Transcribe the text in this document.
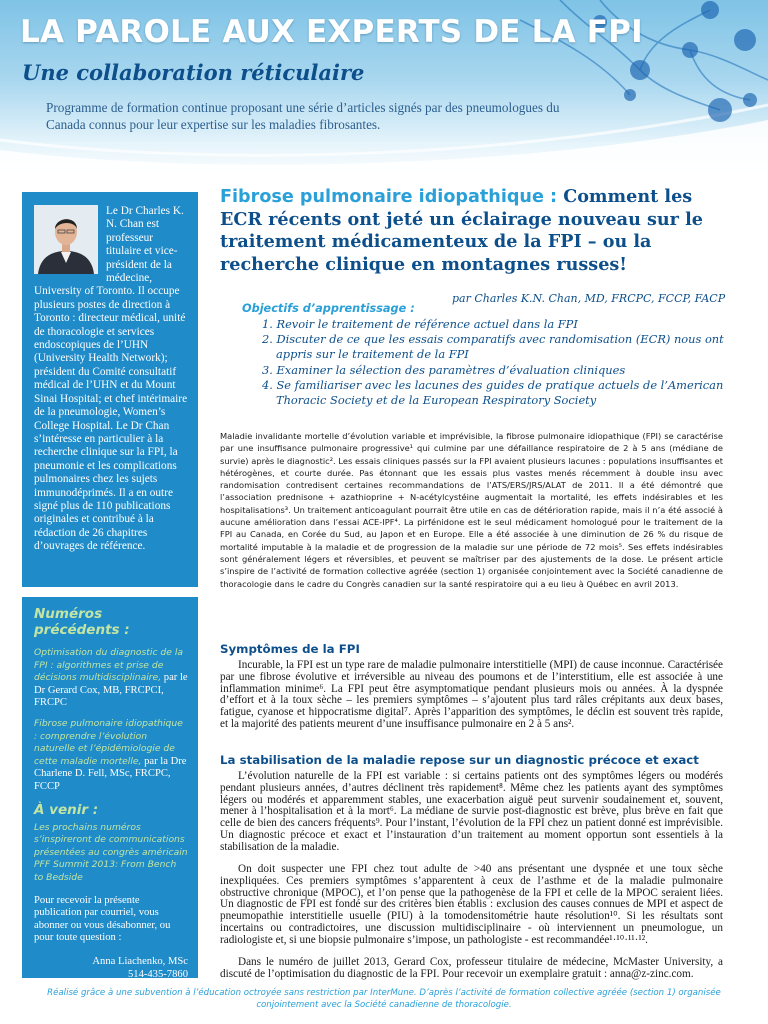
LA PAROLE AUX EXPERTS DE LA FPI
Une collaboration réticulaire

Programme de formation continue proposant une série d’articles signés par des pneumologues du Canada connus pour leur expertise sur les maladies fibrosantes.

Le Dr Charles K. N. Chan est professeur titulaire et vice-président de la médecine, University of Toronto. Il occupe plusieurs postes de direction à Toronto : directeur médical, unité de thoracologie et services endoscopiques de l’UHN (University Health Network); président du Comité consultatif médical de l’UHN et du Mount Sinai Hospital; et chef intérimaire de la pneumologie, Women’s College Hospital. Le Dr Chan s’intéresse en particulier à la recherche clinique sur la FPI, la pneumonie et les complications pulmonaires chez les sujets immunodéprimés. Il a en outre signé plus de 110 publications originales et contribué à la rédaction de 26 chapitres d’ouvrages de référence.

Numéros précédents :

Optimisation du diagnostic de la FPI : algorithmes et prise de décisions multidisciplinaire, par le Dr Gerard Cox, MB, FRCPCI, FRCPC

Fibrose pulmonaire idiopathique : comprendre l’évolution naturelle et l’épidémiologie de cette maladie mortelle, par la Dre Charlene D. Fell, MSc, FRCPC, FCCP

À venir :

Les prochains numéros s’inspireront de communications présentées au congrès américain PFF Summit 2013: From Bench to Bedside

Pour recevoir la présente publication par courriel, vous abonner ou vous désabonner, ou pour toute question :

Anna Liachenko, MSc
514-435-7860
Fibrose pulmonaire idiopathique : Comment les ECR récents ont jeté un éclairage nouveau sur le traitement médicamenteux de la FPI – ou la recherche clinique en montagnes russes!

par Charles K.N. Chan, MD, FRCPC, FCCP, FACP

Objectifs d’apprentissage :

1. Revoir le traitement de référence actuel dans la FPI
2. Discuter de ce que les essais comparatifs avec randomisation (ECR) nous ont appris sur le traitement de la FPI
3. Examiner la sélection des paramètres d’évaluation cliniques
4. Se familiariser avec les lacunes des guides de pratique actuels de l’American Thoracic Society et de la European Respiratory Society

Maladie invalidante mortelle d’évolution variable et imprévisible, la fibrose pulmonaire idiopathique (FPI) se caractérise par une insuffisance pulmonaire progressive¹ qui culmine par une défaillance respiratoire de 2 à 5 ans (médiane de survie) après le diagnostic². Les essais cliniques passés sur la FPI avaient plusieurs lacunes : populations insuffisantes et hétérogènes, et courte durée. Pas étonnant que les essais plus vastes menés récemment à double insu avec randomisation contredisent certaines recommandations de l’ATS/ERS/JRS/ALAT de 2011. Il a été démontré que l’association prednisone + azathioprine + N-acétylcystéine augmentait la mortalité, les effets indésirables et les hospitalisations³. Un traitement anticoagulant pourrait être utile en cas de détérioration rapide, mais il n’a été associé à aucune amélioration dans l’essai ACE-IPF⁴. La pirfénidone est le seul médicament homologué pour le traitement de la FPI au Canada, en Corée du Sud, au Japon et en Europe. Elle a été associée à une diminution de 26 % du risque de mortalité imputable à la maladie et de progression de la maladie sur une période de 72 mois⁵. Ses effets indésirables sont généralement légers et réversibles, et peuvent se maîtriser par des ajustements de la dose. Le présent article s’inspire de l’activité de formation collective agréée (section 1) organisée conjointement avec la Société canadienne de thoracologie dans le cadre du Congrès canadien sur la santé respiratoire qui a eu lieu à Québec en avril 2013.

Symptômes de la FPI

Incurable, la FPI est un type rare de maladie pulmonaire interstitielle (MPI) de cause inconnue. Caractérisée par une fibrose évolutive et irréversible au niveau des poumons et de l’interstitium, elle est associée à une inflammation minime⁶. La FPI peut être asymptomatique pendant plusieurs mois ou années. À la dyspnée d’effort et à la toux sèche – les premiers symptômes – s’ajoutent plus tard râles crépitants aux deux bases, fatigue, cyanose et hippocratisme digital⁷. Après l’apparition des symptômes, le déclin est souvent très rapide, et la majorité des patients meurent d’une insuffisance pulmonaire en 2 à 5 ans².

La stabilisation de la maladie repose sur un diagnostic précoce et exact

L’évolution naturelle de la FPI est variable : si certains patients ont des symptômes légers ou modérés pendant plusieurs années, d’autres déclinent très rapidement⁸. Même chez les patients ayant des symptômes légers ou modérés et apparemment stables, une exacerbation aiguë peut survenir soudainement et, souvent, mener à l’hospitalisation et à la mort⁶. La médiane de survie post-diagnostic est brève, plus brève en fait que celle de bien des cancers fréquents⁹. Pour l’instant, l’évolution de la FPI chez un patient donné est imprévisible. Un diagnostic précoce et exact et l’instauration d’un traitement au moment opportun sont essentiels à la stabilisation de la maladie.

On doit suspecter une FPI chez tout adulte de >40 ans présentant une dyspnée et une toux sèche inexpliquées. Ces premiers symptômes s’apparentent à ceux de l’asthme et de la maladie pulmonaire obstructive chronique (MPOC), et l’on pense que la pathogenèse de la FPI et celle de la MPOC seraient liées. Un diagnostic de FPI est fondé sur des critères bien établis : exclusion des causes connues de MPI et aspect de pneumopathie interstitielle usuelle (PIU) à la tomodensitométrie haute résolution¹⁰. Si les résultats sont incertains ou contradictoires, une discussion multidisciplinaire - où interviennent un pneumologue, un radiologiste et, si une biopsie pulmonaire s’impose, un pathologiste - est recommandée¹·¹⁰·¹¹·¹².

Dans le numéro de juillet 2013, Gerard Cox, professeur titulaire de médecine, McMaster University, a discuté de l’optimisation du diagnostic de la FPI. Pour recevoir un exemplaire gratuit : anna@z-zinc.com.

Réalisé grâce à une subvention à l’éducation octroyée sans restriction par InterMune. D’après l’activité de formation collective agréée (section 1) organisée conjointement avec la Société canadienne de thoracologie.
